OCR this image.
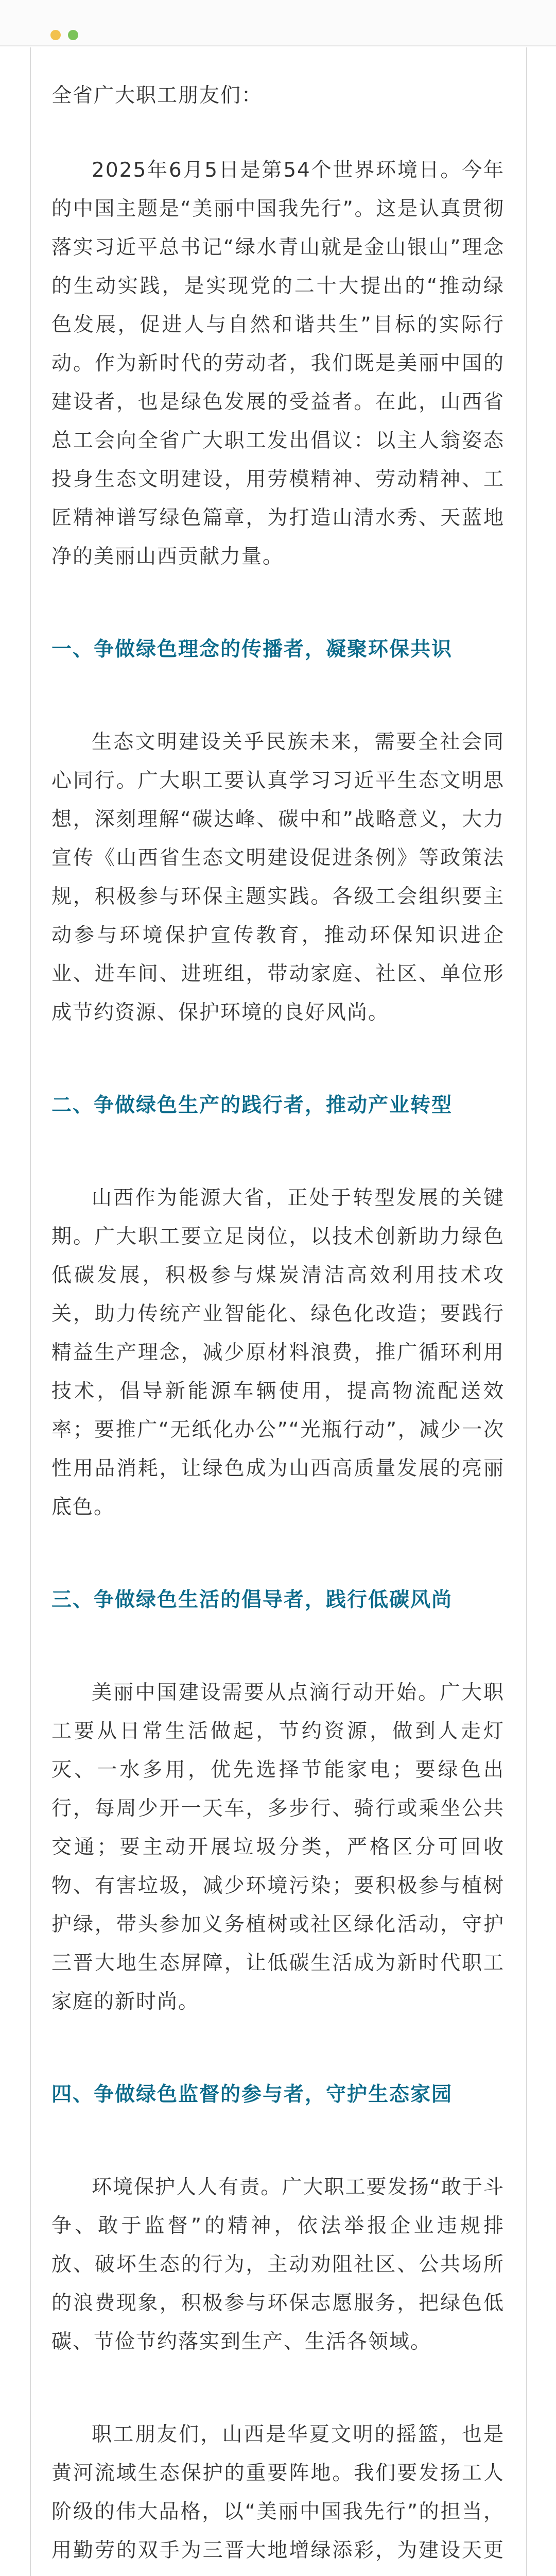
全省广大职工朋友们：

2025年6月5日是第54个世界环境日。今年的中国主题是“美丽中国我先行”。这是认真贯彻落实习近平总书记“绿水青山就是金山银山”理念的生动实践，是实现党的二十大提出的“推动绿色发展，促进人与自然和谐共生”目标的实际行动。作为新时代的劳动者，我们既是美丽中国的建设者，也是绿色发展的受益者。在此，山西省总工会向全省广大职工发出倡议：以主人翁姿态投身生态文明建设，用劳模精神、劳动精神、工匠精神谱写绿色篇章，为打造山清水秀、天蓝地净的美丽山西贡献力量。

一、争做绿色理念的传播者，凝聚环保共识

生态文明建设关乎民族未来，需要全社会同心同行。广大职工要认真学习习近平生态文明思想，深刻理解“碳达峰、碳中和”战略意义，大力宣传《山西省生态文明建设促进条例》等政策法规，积极参与环保主题实践。各级工会组织要主动参与环境保护宣传教育，推动环保知识进企业、进车间、进班组，带动家庭、社区、单位形成节约资源、保护环境的良好风尚。

二、争做绿色生产的践行者，推动产业转型

山西作为能源大省，正处于转型发展的关键期。广大职工要立足岗位，以技术创新助力绿色低碳发展，积极参与煤炭清洁高效利用技术攻关，助力传统产业智能化、绿色化改造；要践行精益生产理念，减少原材料浪费，推广循环利用技术，倡导新能源车辆使用，提高物流配送效率；要推广“无纸化办公”“光瓶行动”，减少一次性用品消耗，让绿色成为山西高质量发展的亮丽底色。

三、争做绿色生活的倡导者，践行低碳风尚

美丽中国建设需要从点滴行动开始。广大职工要从日常生活做起，节约资源，做到人走灯灭、一水多用，优先选择节能家电；要绿色出行，每周少开一天车，多步行、骑行或乘坐公共交通；要主动开展垃圾分类，严格区分可回收物、有害垃圾，减少环境污染；要积极参与植树护绿，带头参加义务植树或社区绿化活动，守护三晋大地生态屏障，让低碳生活成为新时代职工家庭的新时尚。

四、争做绿色监督的参与者，守护生态家园

环境保护人人有责。广大职工要发扬“敢于斗争、敢于监督”的精神，依法举报企业违规排放、破坏生态的行为，主动劝阻社区、公共场所的浪费现象，积极参与环保志愿服务，把绿色低碳、节俭节约落实到生产、生活各领域。

职工朋友们，山西是华夏文明的摇篮，也是黄河流域生态保护的重要阵地。我们要发扬工人阶级的伟大品格，以“美丽中国我先行”的担当，用勤劳的双手为三晋大地增绿添彩，为建设天更
